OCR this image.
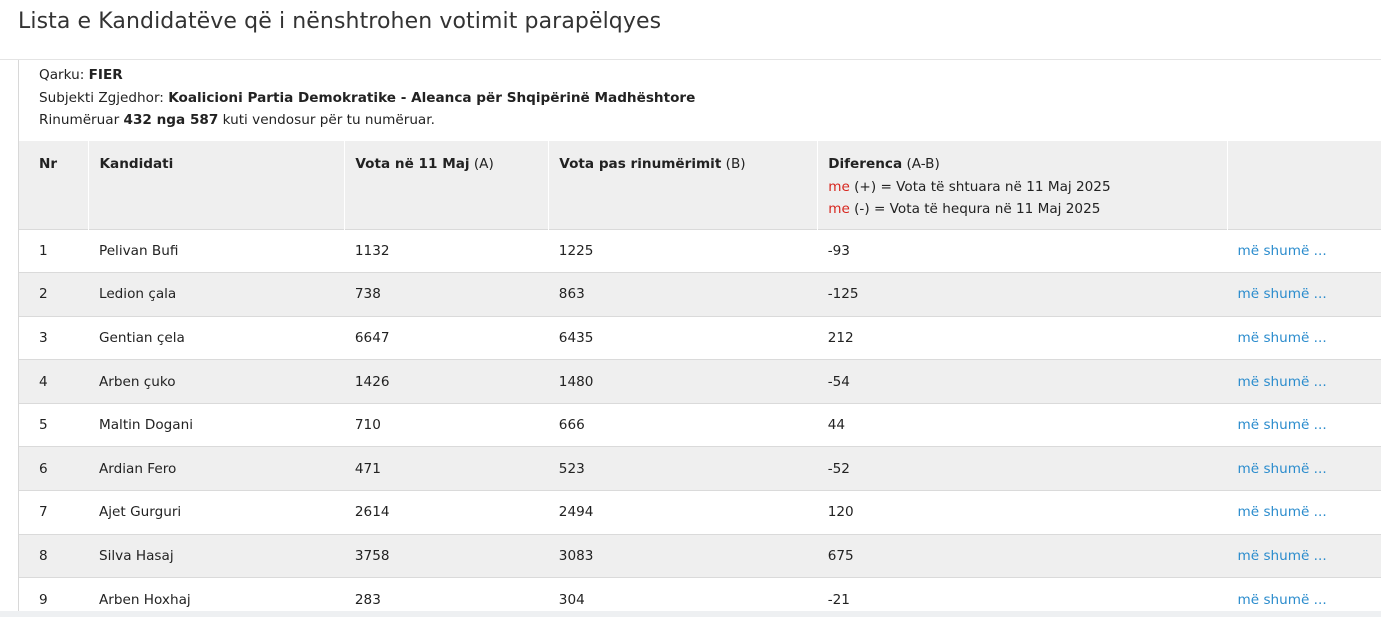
Lista e Kandidatëve që i nënshtrohen votimit parapëlqyes
Qarku: FIER
Subjekti Zgjedhor: Koalicioni Partia Demokratike - Aleanca për Shqipërinë Madhështore
Rinumëruar 432 nga 587 kuti vendosur për tu numëruar.
Nr	Kandidati	Vota në 11 Maj (A)	Vota pas rinumërimit (B)	Diferenca (A-B)
me (+) = Vota të shtuara në 11 Maj 2025
me (-) = Vota të hequra në 11 Maj 2025	

1	Pelivan Bufi	1132	1225	-93	më shumë ...
2	Ledion çala	738	863	-125	më shumë ...
3	Gentian çela	6647	6435	212	më shumë ...
4	Arben çuko	1426	1480	-54	më shumë ...
5	Maltin Dogani	710	666	44	më shumë ...
6	Ardian Fero	471	523	-52	më shumë ...
7	Ajet Gurguri	2614	2494	120	më shumë ...
8	Silva Hasaj	3758	3083	675	më shumë ...
9	Arben Hoxhaj	283	304	-21	më shumë ...
